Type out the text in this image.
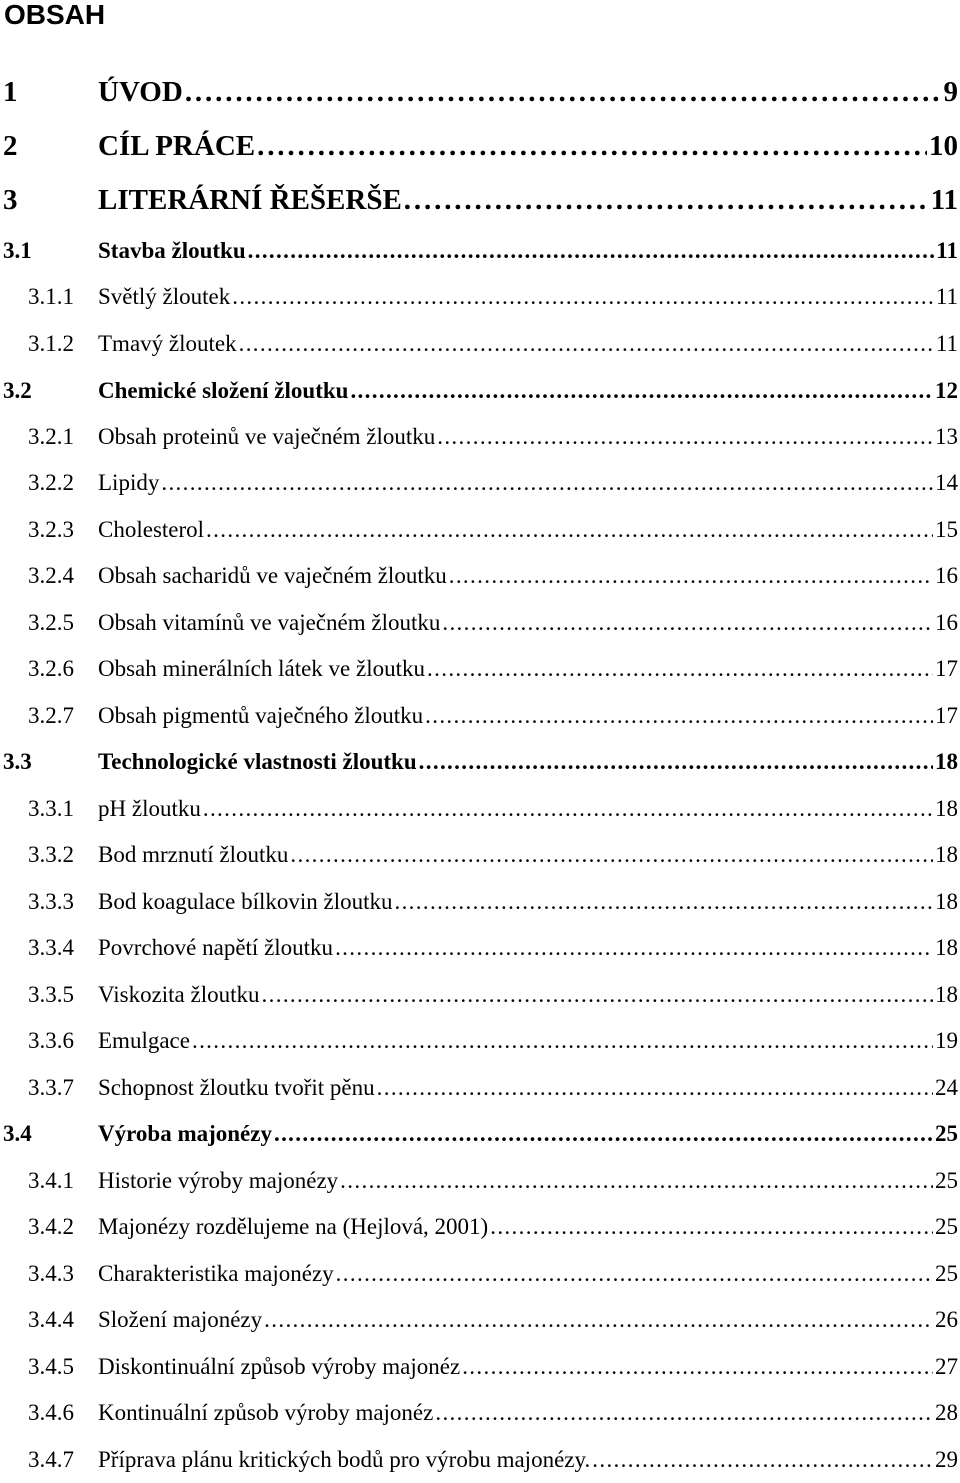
OBSAH
1	ÚVOD . . .	9
2	CÍL PRÁCE . . .	10
3	LITERÁRNÍ ŘEŠERŠE . . .	11
3.1	Stavba žloutku . . .	11
3.1.1 Světlý žloutek . . .	11
3.1.2 Tmavý žloutek . . .	11
3.2	Chemické složení žloutku . . .	12
3.2.1 Obsah proteinů ve vaječném žloutku . . .	13
3.2.2 Lipidy . . .	14
3.2.3 Cholesterol . . .	15
3.2.4 Obsah sacharidů ve vaječném žloutku . . .	16
3.2.5 Obsah vitamínů ve vaječném žloutku . . .	16
3.2.6 Obsah minerálních látek ve žloutku . . .	17
3.2.7 Obsah pigmentů vaječného žloutku . . .	17
3.3	Technologické vlastnosti žloutku . . .	18
3.3.1 pH žloutku . . .	18
3.3.2 Bod mrznutí žloutku . . .	18
3.3.3 Bod koagulace bílkovin žloutku . . .	18
3.3.4 Povrchové napětí žloutku . . .	18
3.3.5 Viskozita žloutku . . .	18
3.3.6 Emulgace . . .	19
3.3.7 Schopnost žloutku tvořit pěnu . . .	24
3.4	Výroba majonézy . . .	25
3.4.1 Historie výroby majonézy . . .	25
3.4.2 Majonézy rozdělujeme na (Hejlová, 2001) . . .	25
3.4.3 Charakteristika majonézy . . .	25
3.4.4 Složení majonézy . . .	26
3.4.5 Diskontinuální způsob výroby majonéz . . .	27
3.4.6 Kontinuální způsob výroby majonéz . . .	28
3.4.7 Příprava plánu kritických bodů pro výrobu majonézy. . . .	29
